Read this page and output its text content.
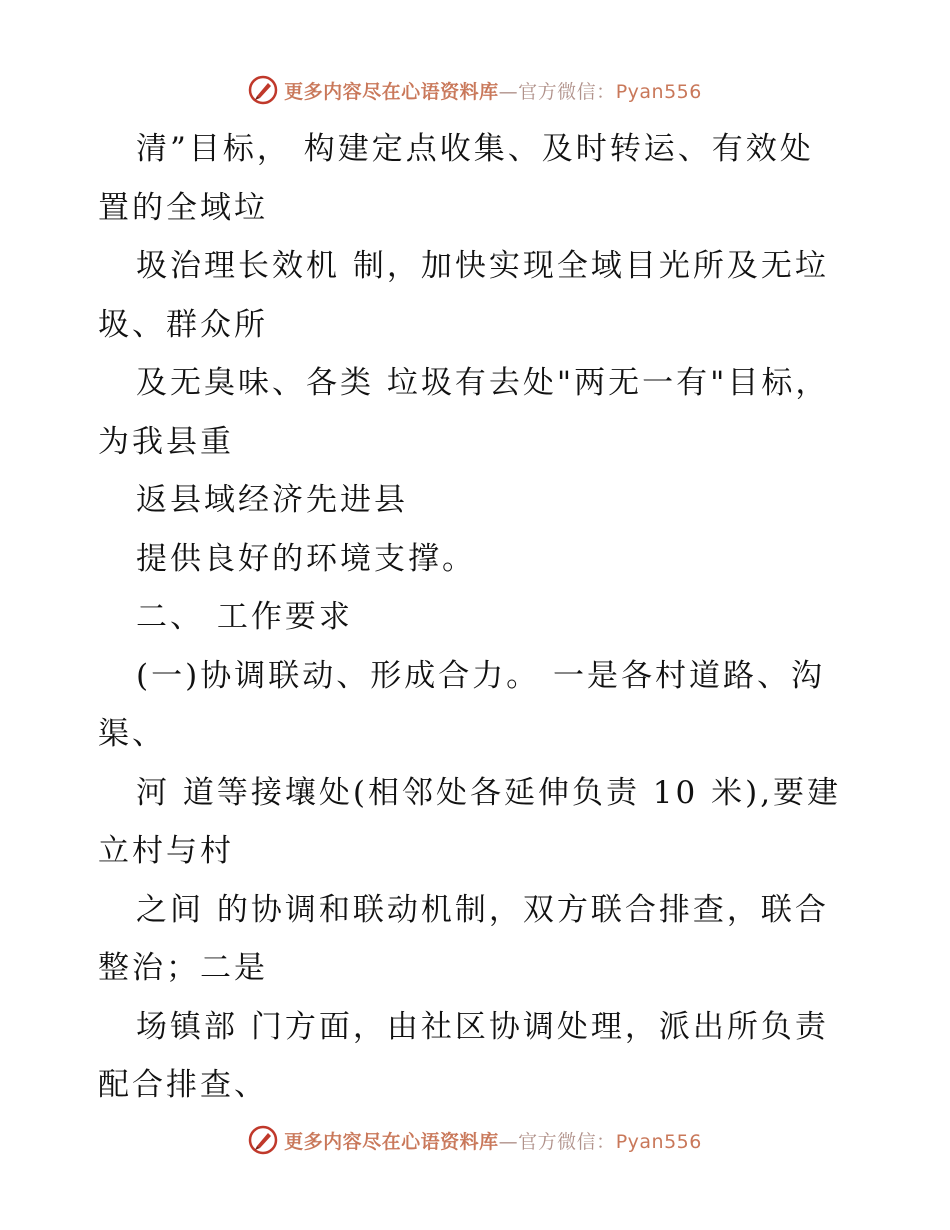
更多内容尽在心语资料库—官方微信：Pyan556
清”目标， 构建定点收集、及时转运、有效处
置的全域垃
圾治理长效机 制，加快实现全域目光所及无垃
圾、群众所
及无臭味、各类 垃圾有去处"两无一有"目标，
为我县重
返县域经济先进县
提供良好的环境支撑。
二、 工作要求
(一)协调联动、形成合力。 一是各村道路、沟
渠、
河 道等接壤处(相邻处各延伸负责 10 米),要建
立村与村
之间 的协调和联动机制，双方联合排查，联合
整治；二是
场镇部 门方面，由社区协调处理，派出所负责
配合排查、
更多内容尽在心语资料库—官方微信：Pyan556
